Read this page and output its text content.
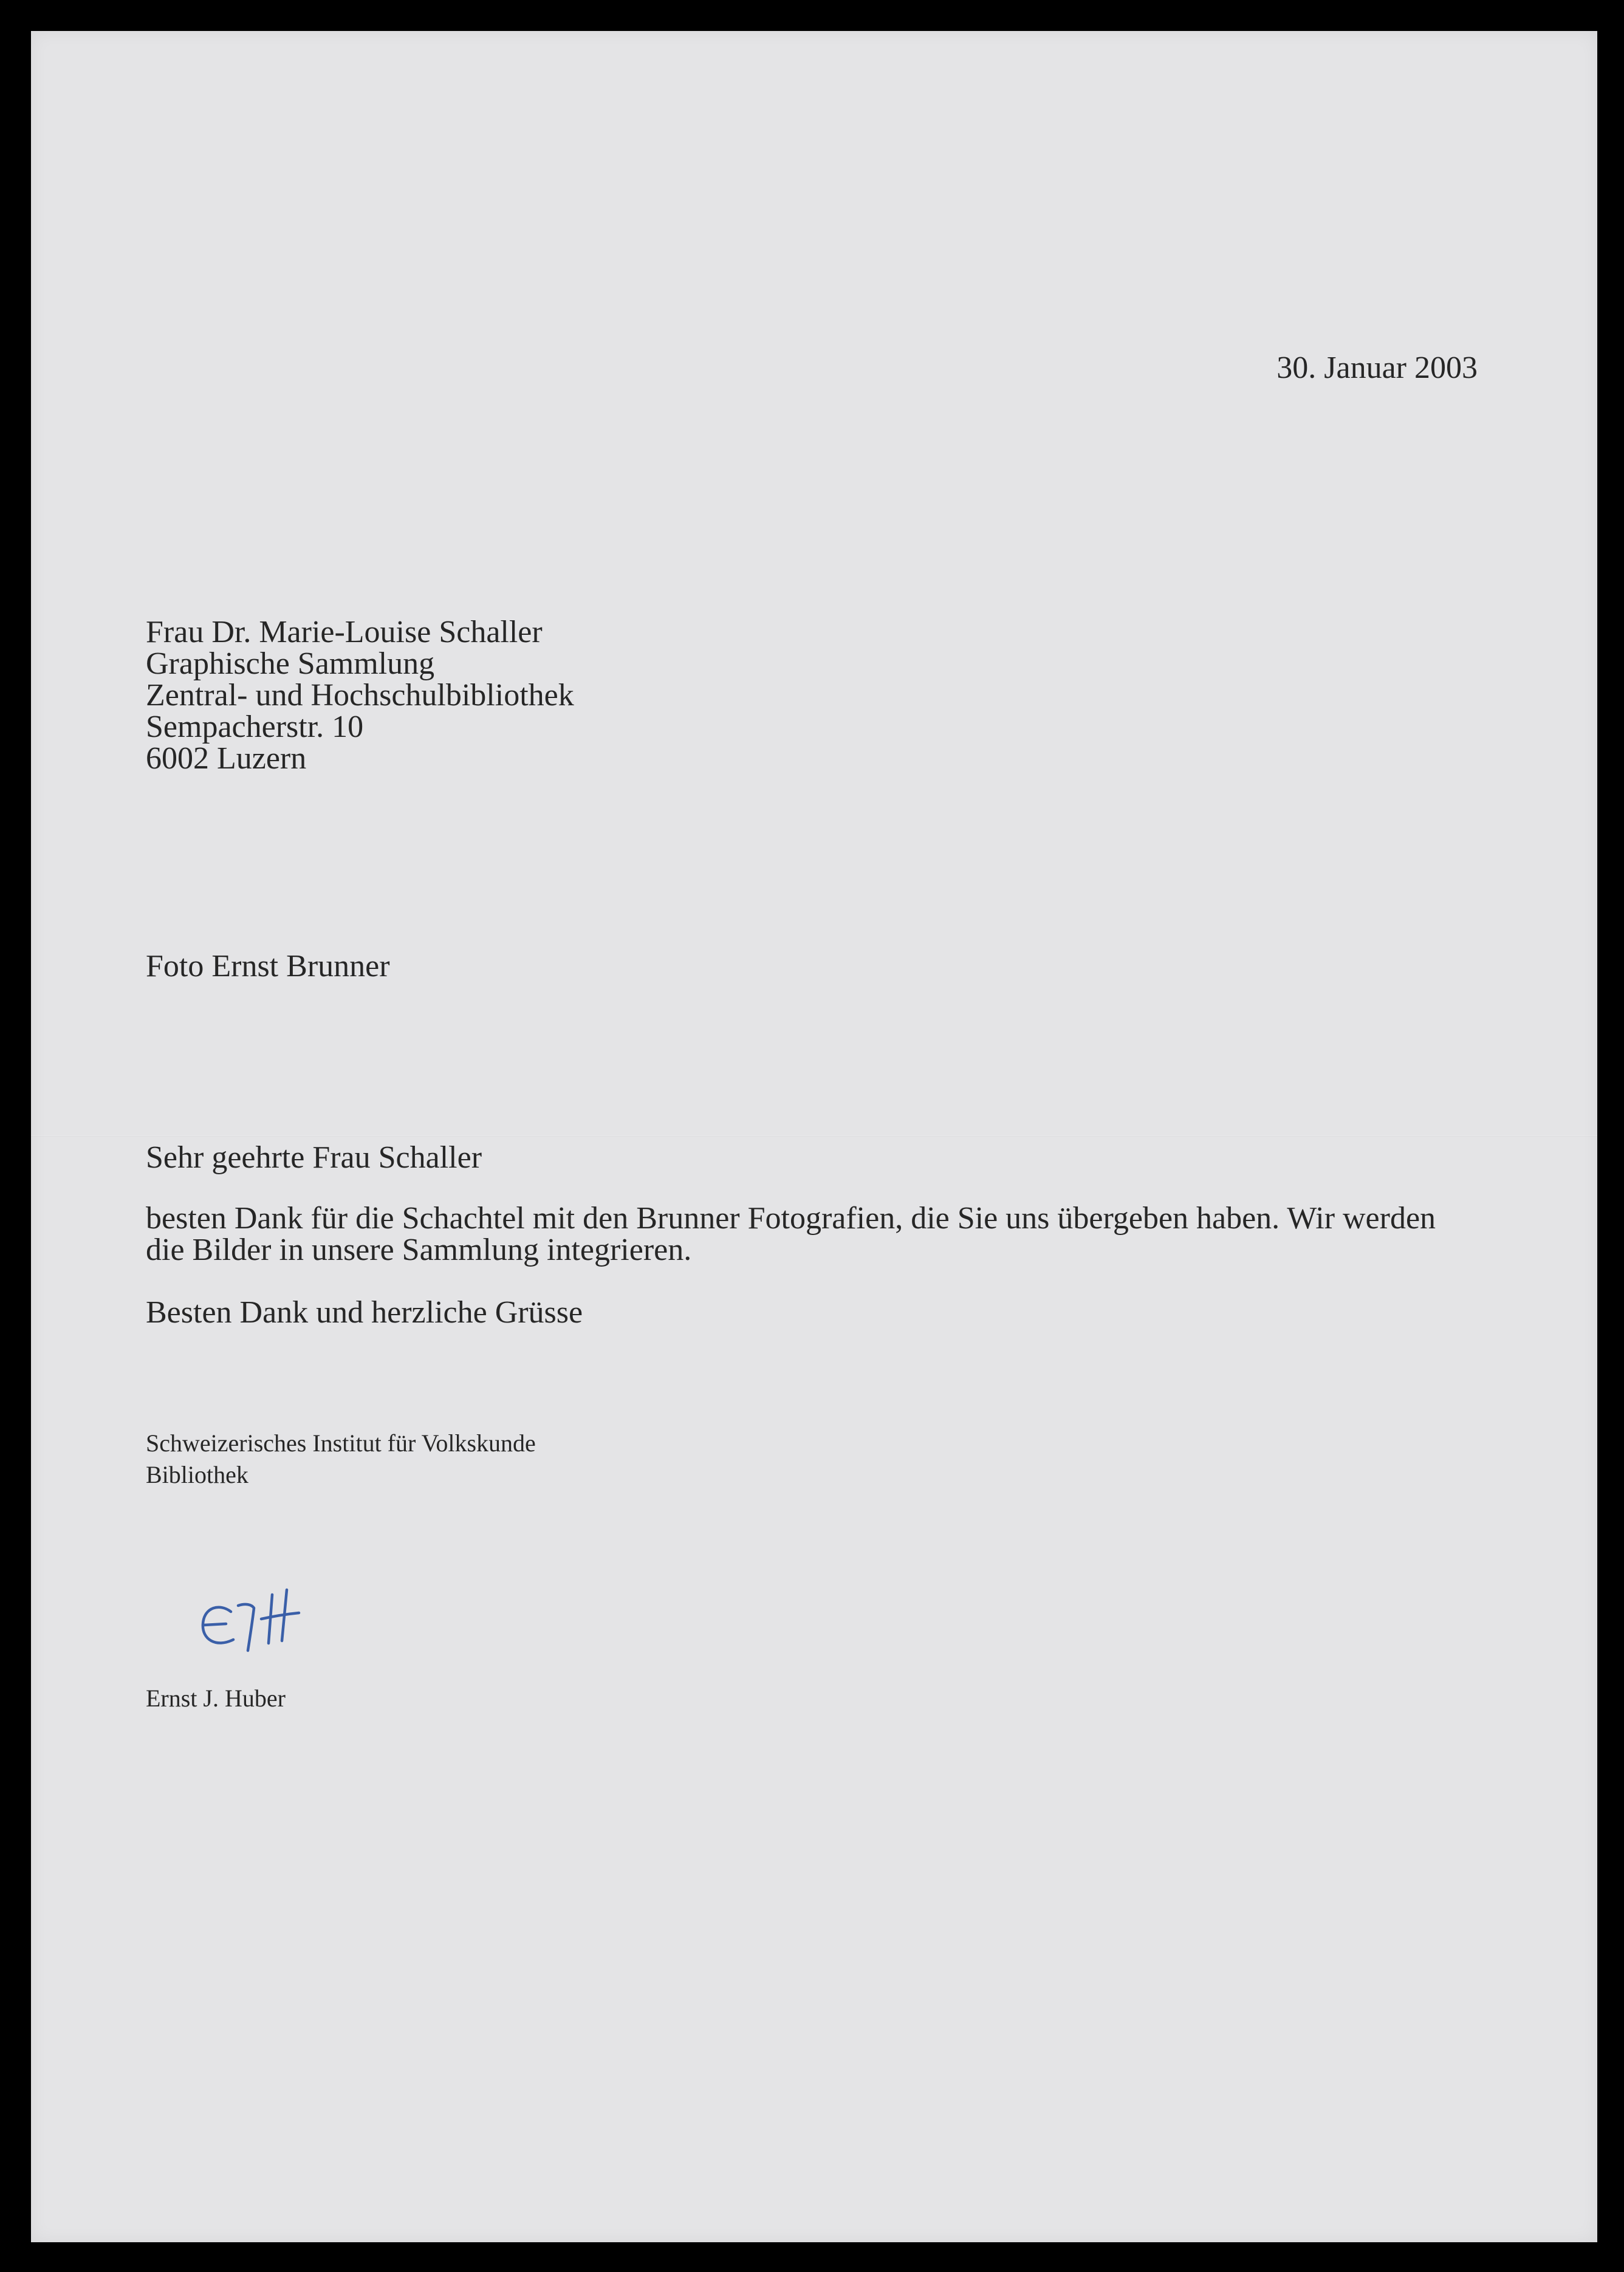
30. Januar 2003
Frau Dr. Marie-Louise Schaller
Graphische Sammlung
Zentral- und Hochschulbibliothek
Sempacherstr. 10
6002 Luzern
Foto Ernst Brunner
Sehr geehrte Frau Schaller
besten Dank für die Schachtel mit den Brunner Fotografien, die Sie uns übergeben haben. Wir werden
die Bilder in unsere Sammlung integrieren.
Besten Dank und herzliche Grüsse
Schweizerisches Institut für Volkskunde
Bibliothek
Ernst J. Huber
